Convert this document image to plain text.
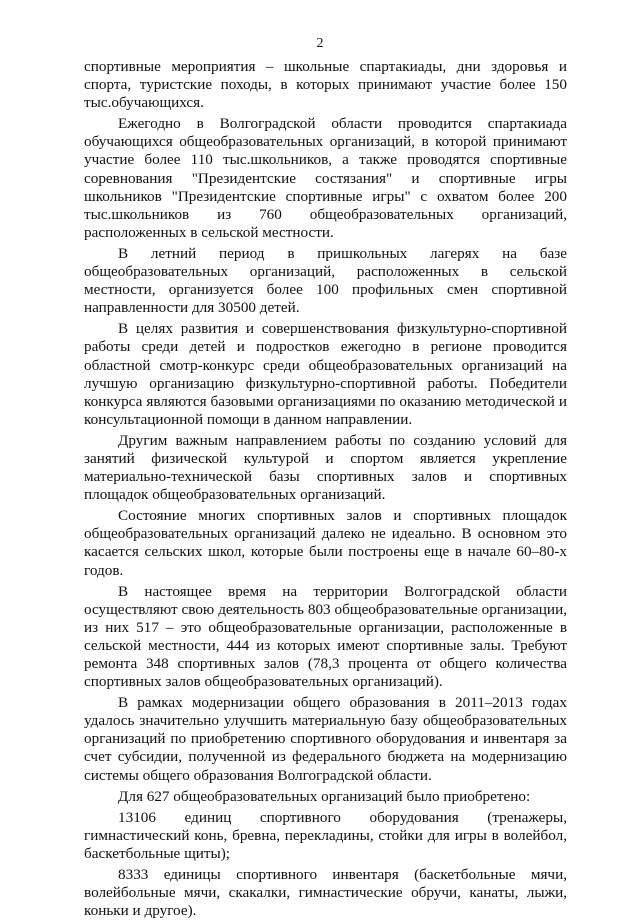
2

спортивные мероприятия – школьные спартакиады, дни здоровья и спорта, туристские походы, в которых принимают участие более 150 тыс.обучающихся.

Ежегодно в Волгоградской области проводится спартакиада обучающихся общеобразовательных организаций, в которой принимают участие более 110 тыс.школьников, а также проводятся спортивные соревнования "Президентские состязания" и спортивные игры школьников "Президентские спортивные игры" с охватом более 200 тыс.школьников из 760 общеобразовательных организаций, расположенных в сельской местности.

В летний период в пришкольных лагерях на базе общеобразовательных организаций, расположенных в сельской местности, организуется более 100 профильных смен спортивной направленности для 30500 детей.

В целях развития и совершенствования физкультурно-спортивной работы среди детей и подростков ежегодно в регионе проводится областной смотр-конкурс среди общеобразовательных организаций на лучшую организацию физкультурно-спортивной работы. Победители конкурса являются базовыми организациями по оказанию методической и консультационной помощи в данном направлении.

Другим важным направлением работы по созданию условий для занятий физической культурой и спортом является укрепление материально-технической базы спортивных залов и спортивных площадок общеобразовательных организаций.

Состояние многих спортивных залов и спортивных площадок общеобразовательных организаций далеко не идеально. В основном это касается сельских школ, которые были построены еще в начале 60–80-х годов.

В настоящее время на территории Волгоградской области осуществляют свою деятельность 803 общеобразовательные организации, из них 517 – это общеобразовательные организации, расположенные в сельской местности, 444 из которых имеют спортивные залы. Требуют ремонта 348 спортивных залов (78,3 процента от общего количества спортивных залов общеобразовательных организаций).

В рамках модернизации общего образования в 2011–2013 годах удалось значительно улучшить материальную базу общеобразовательных организаций по приобретению спортивного оборудования и инвентаря за счет субсидии, полученной из федерального бюджета на модернизацию системы общего образования Волгоградской области.

Для 627 общеобразовательных организаций было приобретено:

13106 единиц спортивного оборудования (тренажеры, гимнастический конь, бревна, перекладины, стойки для игры в волейбол, баскетбольные щиты);

8333 единицы спортивного инвентаря (баскетбольные мячи, волейбольные мячи, скакалки, гимнастические обручи, канаты, лыжи, коньки и другое).
